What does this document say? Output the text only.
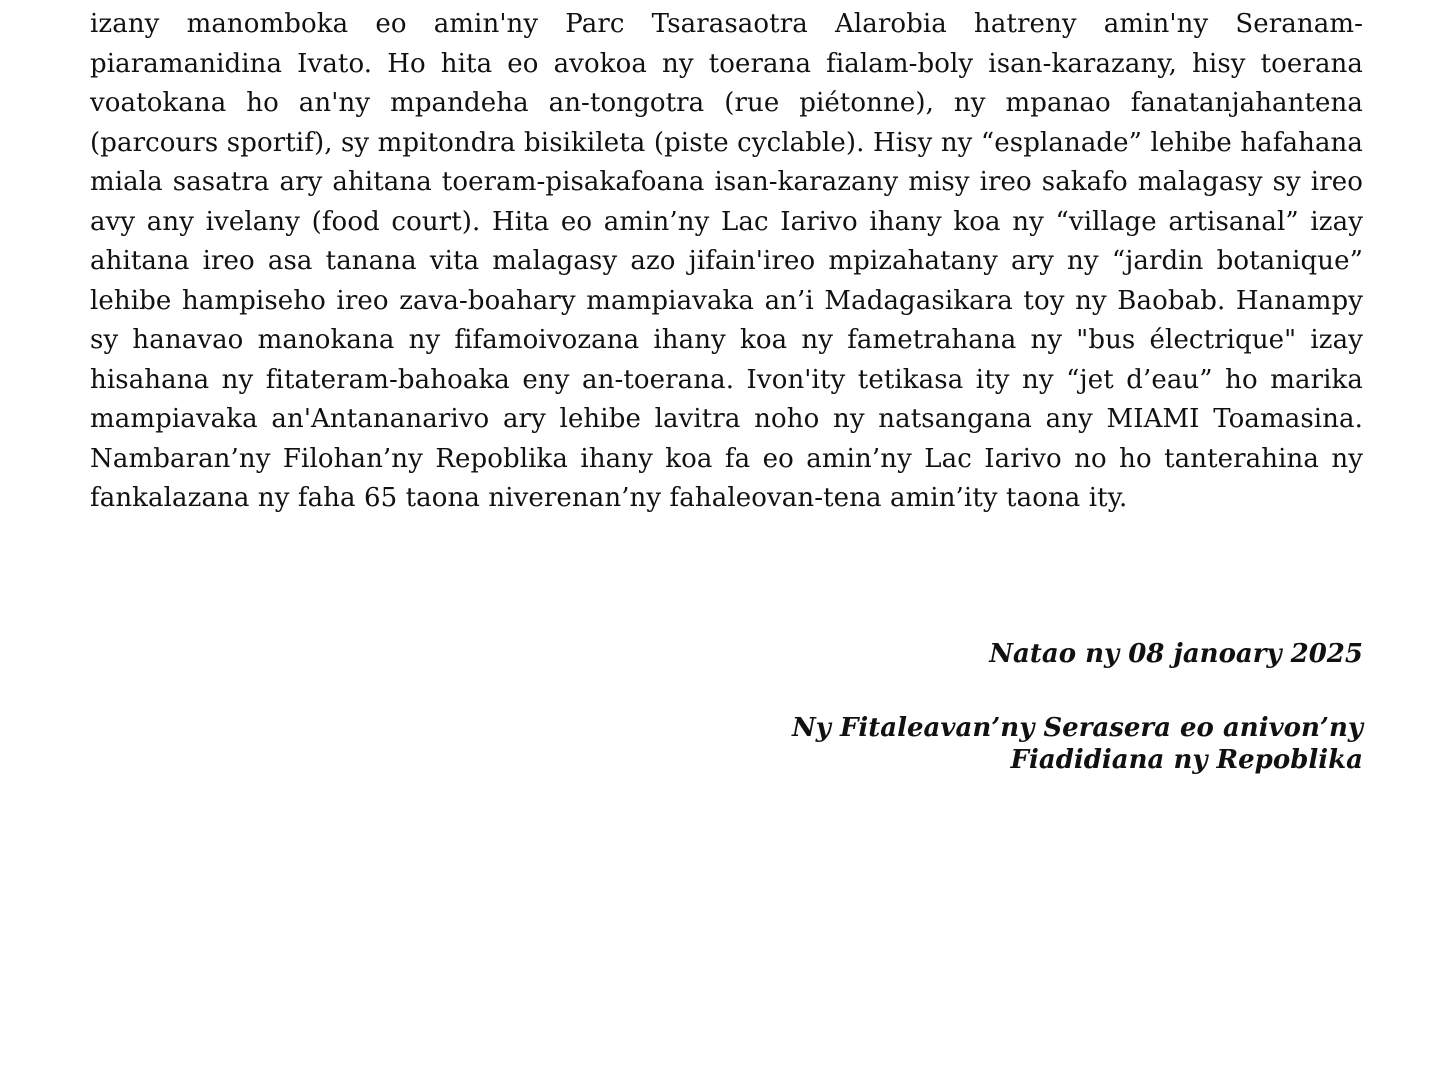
izany manomboka eo amin'ny Parc Tsarasaotra Alarobia hatreny amin'ny Seranam-piaramanidina Ivato. Ho hita eo avokoa ny toerana fialam-boly isan-karazany, hisy toerana voatokana ho an'ny mpandeha an-tongotra (rue piétonne), ny mpanao fanatanjahantena (parcours sportif), sy mpitondra bisikileta (piste cyclable). Hisy ny “esplanade” lehibe hafahana miala sasatra ary ahitana toeram-pisakafoana isan-karazany misy ireo sakafo malagasy sy ireo avy any ivelany (food court). Hita eo amin’ny Lac Iarivo ihany koa ny “village artisanal” izay ahitana ireo asa tanana vita malagasy azo jifain'ireo mpizahatany ary ny “jardin botanique” lehibe hampiseho ireo zava-boahary mampiavaka an’i Madagasikara toy ny Baobab. Hanampy sy hanavao manokana ny fifamoivozana ihany koa ny fametrahana ny "bus électrique" izay hisahana ny fitateram-bahoaka eny an-toerana. Ivon'ity tetikasa ity ny “jet d’eau” ho marika mampiavaka an'Antananarivo ary lehibe lavitra noho ny natsangana any MIAMI Toamasina. Nambaran’ny Filohan’ny Repoblika ihany koa fa eo amin’ny Lac Iarivo no ho tanterahina ny fankalazana ny faha 65 taona niverenan’ny fahaleovan-tena amin’ity taona ity.

Natao ny 08 janoary 2025
Ny Fitaleavan’ny Serasera eo anivon’ny
Fiadidiana ny Repoblika
